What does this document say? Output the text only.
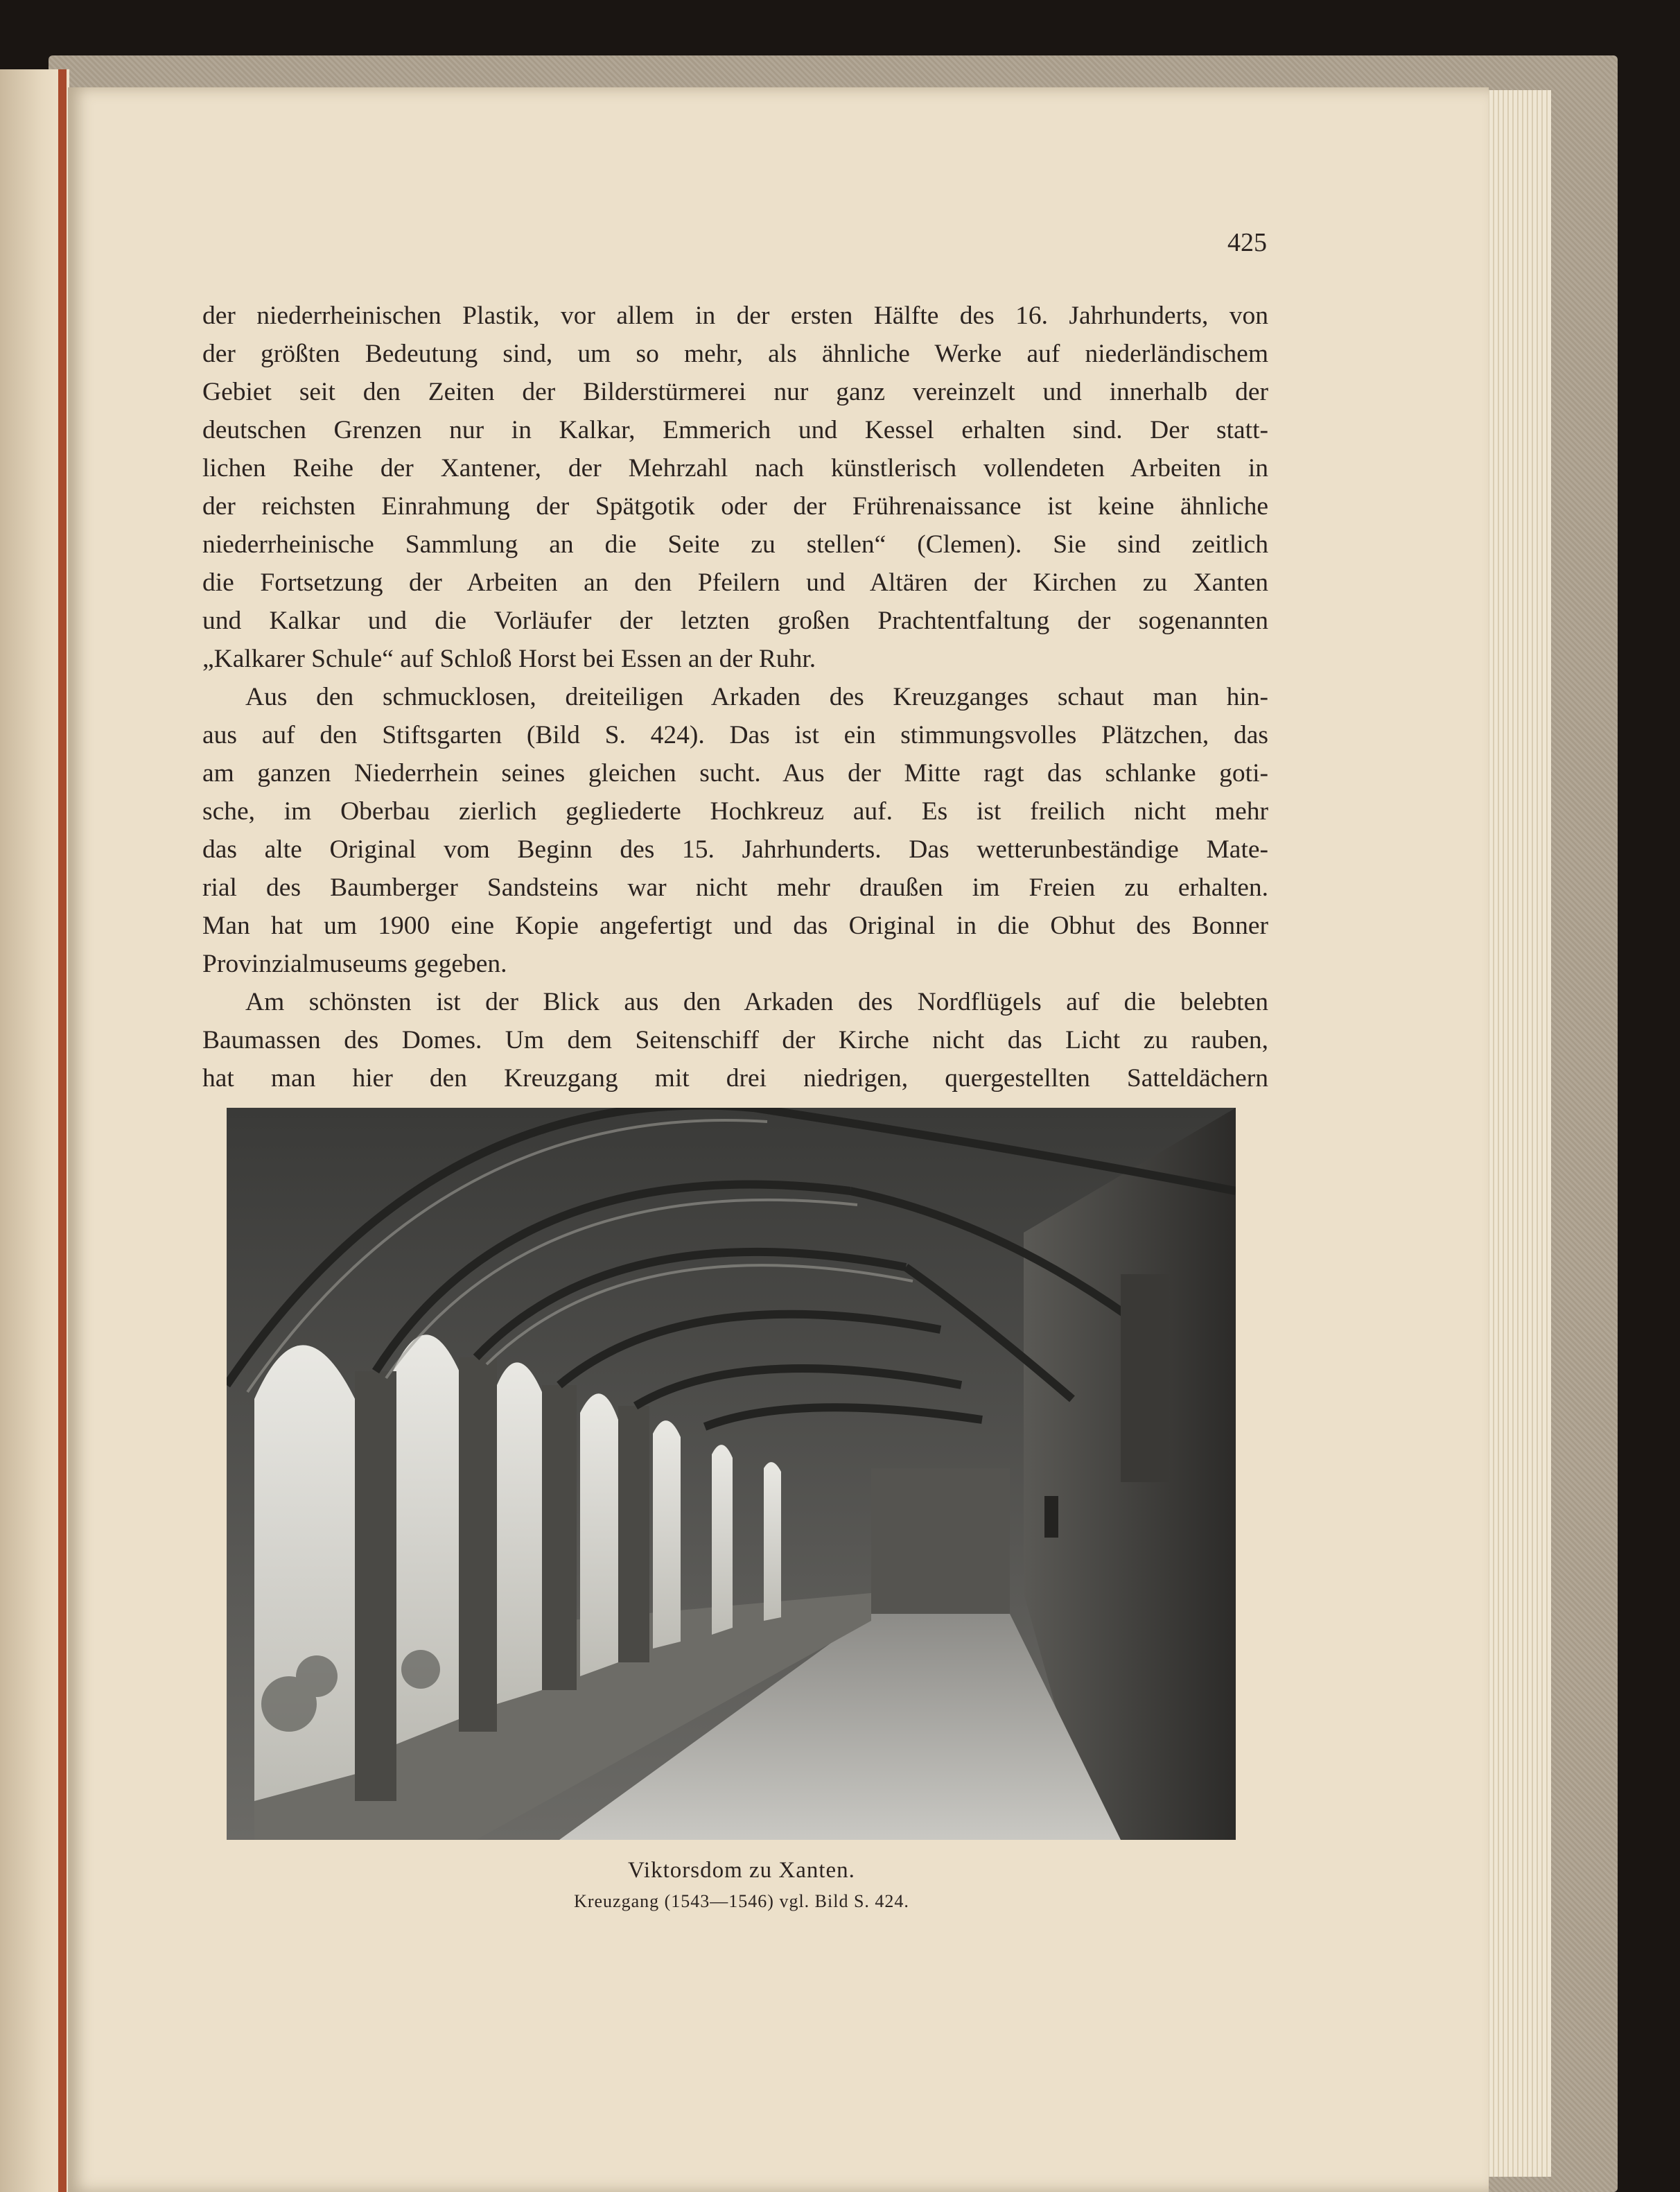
425
der niederrheinischen Plastik, vor allem in der ersten Hälfte des 16. Jahrhunderts, von
der größten Bedeutung sind, um so mehr, als ähnliche Werke auf niederländischem
Gebiet seit den Zeiten der Bilderstürmerei nur ganz vereinzelt und innerhalb der
deutschen Grenzen nur in Kalkar, Emmerich und Kessel erhalten sind. Der statt-
lichen Reihe der Xantener, der Mehrzahl nach künstlerisch vollendeten Arbeiten in
der reichsten Einrahmung der Spätgotik oder der Frührenaissance ist keine ähnliche
niederrheinische Sammlung an die Seite zu stellen“ (Clemen). Sie sind zeitlich
die Fortsetzung der Arbeiten an den Pfeilern und Altären der Kirchen zu Xanten
und Kalkar und die Vorläufer der letzten großen Prachtentfaltung der sogenannten
„Kalkarer Schule“ auf Schloß Horst bei Essen an der Ruhr.
Aus den schmucklosen, dreiteiligen Arkaden des Kreuzganges schaut man hin-
aus auf den Stiftsgarten (Bild S. 424). Das ist ein stimmungsvolles Plätzchen, das
am ganzen Niederrhein seines gleichen sucht. Aus der Mitte ragt das schlanke goti-
sche, im Oberbau zierlich gegliederte Hochkreuz auf. Es ist freilich nicht mehr
das alte Original vom Beginn des 15. Jahrhunderts. Das wetterunbeständige Mate-
rial des Baumberger Sandsteins war nicht mehr draußen im Freien zu erhalten.
Man hat um 1900 eine Kopie angefertigt und das Original in die Obhut des Bonner
Provinzialmuseums gegeben.
Am schönsten ist der Blick aus den Arkaden des Nordflügels auf die belebten
Baumassen des Domes. Um dem Seitenschiff der Kirche nicht das Licht zu rauben,
hat man hier den Kreuzgang mit drei niedrigen, quergestellten Satteldächern
Viktorsdom zu Xanten.
Kreuzgang (1543—1546) vgl. Bild S. 424.
